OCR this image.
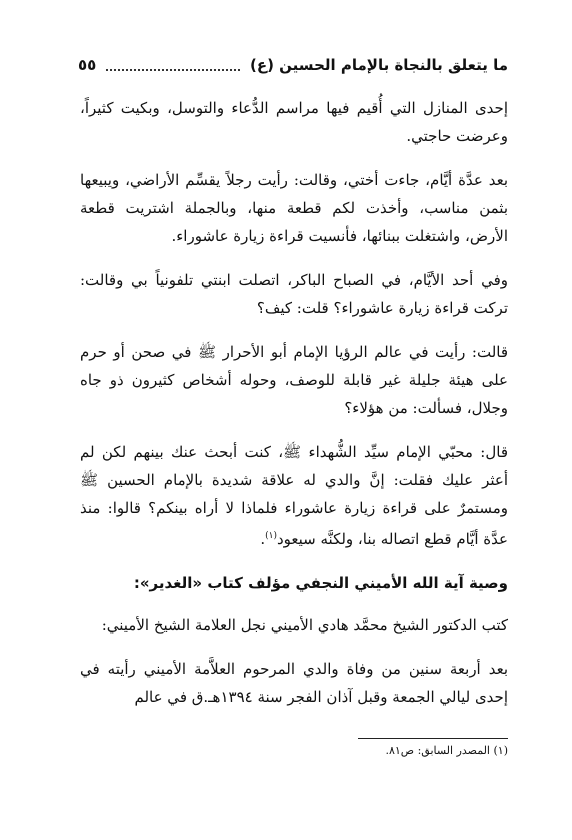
ما يتعلق بالنجاة بالإمام الحسين (ع)
٥٥

إحدى المنازل التي أُقيم فيها مراسم الدُّعاء والتوسل، وبكيت كثيراً، وعرضت حاجتي.

بعد عدَّة أيَّام، جاءت أختي، وقالت: رأيت رجلاً يقسِّم الأراضي، ويبيعها بثمن مناسب، وأخذت لكم قطعة منها، وبالجملة اشتريت قطعة الأرض، واشتغلت ببنائها، فأنسيت قراءة زيارة عاشوراء.

وفي أحد الأيَّام، في الصباح الباكر، اتصلت ابنتي تلفونياً بي وقالت: تركت قراءة زيارة عاشوراء؟ قلت: كيف؟

قالت: رأيت في عالم الرؤيا الإمام أبو الأحرار ﷺ في صحن أو حرم على هيئة جليلة غير قابلة للوصف، وحوله أشخاص كثيرون ذو جاه وجلال، فسألت: من هؤلاء؟

قال: محبّي الإمام سيِّد الشُّهداء ﷺ، كنت أبحث عنك بينهم لكن لم أعثر عليك فقلت: إنَّ والدي له علاقة شديدة بالإمام الحسين ﷺ ومستمرٌ على قراءة زيارة عاشوراء فلماذا لا أراه بينكم؟ قالوا: منذ عدَّة أيَّام قطع اتصاله بنا، ولكنَّه سيعود$^{(١)}$.

وصية آية الله الأميني النجفي مؤلف كتاب «الغدير»:

كتب الدكتور الشيخ محمَّد هادي الأميني نجل العلامة الشيخ الأميني:

بعد أربعة سنين من وفاة والدي المرحوم العلاَّمة الأميني رأيته في إحدى ليالي الجمعة وقبل آذان الفجر سنة ١٣٩٤هـ.ق في عالم

(١) المصدر السابق: ص٨١.
